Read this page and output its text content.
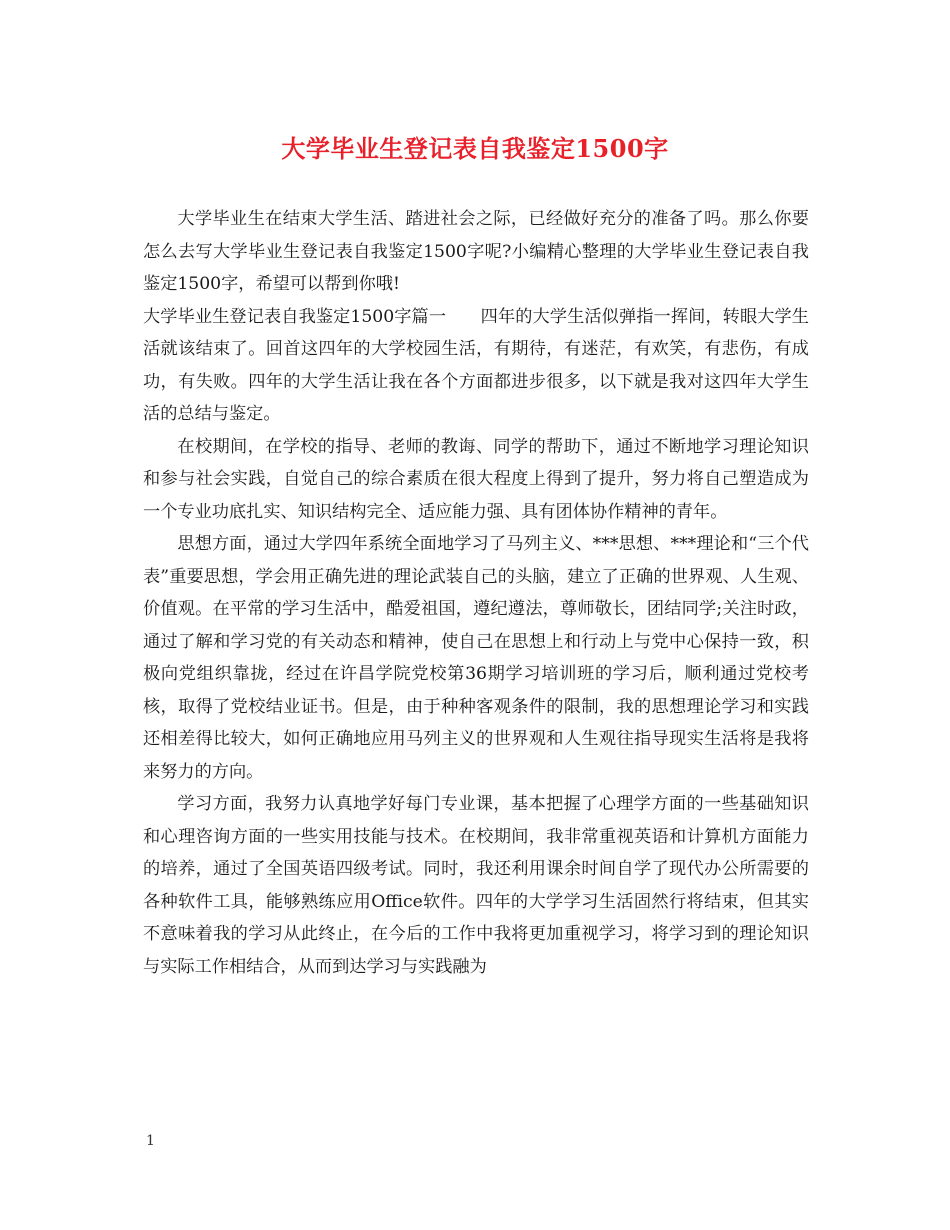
大学毕业生登记表自我鉴定1500字

大学毕业生在结束大学生活、踏进社会之际，已经做好充分的准备了吗。那么你要怎么去写大学毕业生登记表自我鉴定1500字呢?小编精心整理的大学毕业生登记表自我鉴定1500字，希望可以帮到你哦!

大学毕业生登记表自我鉴定1500字篇一　　四年的大学生活似弹指一挥间，转眼大学生活就该结束了。回首这四年的大学校园生活，有期待，有迷茫，有欢笑，有悲伤，有成功，有失败。四年的大学生活让我在各个方面都进步很多，以下就是我对这四年大学生活的总结与鉴定。

在校期间，在学校的指导、老师的教诲、同学的帮助下，通过不断地学习理论知识和参与社会实践，自觉自己的综合素质在很大程度上得到了提升，努力将自己塑造成为一个专业功底扎实、知识结构完全、适应能力强、具有团体协作精神的青年。

思想方面，通过大学四年系统全面地学习了马列主义、***思想、***理论和“三个代表”重要思想，学会用正确先进的理论武装自己的头脑，建立了正确的世界观、人生观、价值观。在平常的学习生活中，酷爱祖国，遵纪遵法，尊师敬长，团结同学;关注时政，通过了解和学习党的有关动态和精神，使自己在思想上和行动上与党中心保持一致，积极向党组织靠拢，经过在许昌学院党校第36期学习培训班的学习后，顺利通过党校考核，取得了党校结业证书。但是，由于种种客观条件的限制，我的思想理论学习和实践还相差得比较大，如何正确地应用马列主义的世界观和人生观往指导现实生活将是我将来努力的方向。

学习方面，我努力认真地学好每门专业课，基本把握了心理学方面的一些基础知识和心理咨询方面的一些实用技能与技术。在校期间，我非常重视英语和计算机方面能力的培养，通过了全国英语四级考试。同时，我还利用课余时间自学了现代办公所需要的各种软件工具，能够熟练应用Office软件。四年的大学学习生活固然行将结束，但其实不意味着我的学习从此终止，在今后的工作中我将更加重视学习，将学习到的理论知识与实际工作相结合，从而到达学习与实践融为

1
